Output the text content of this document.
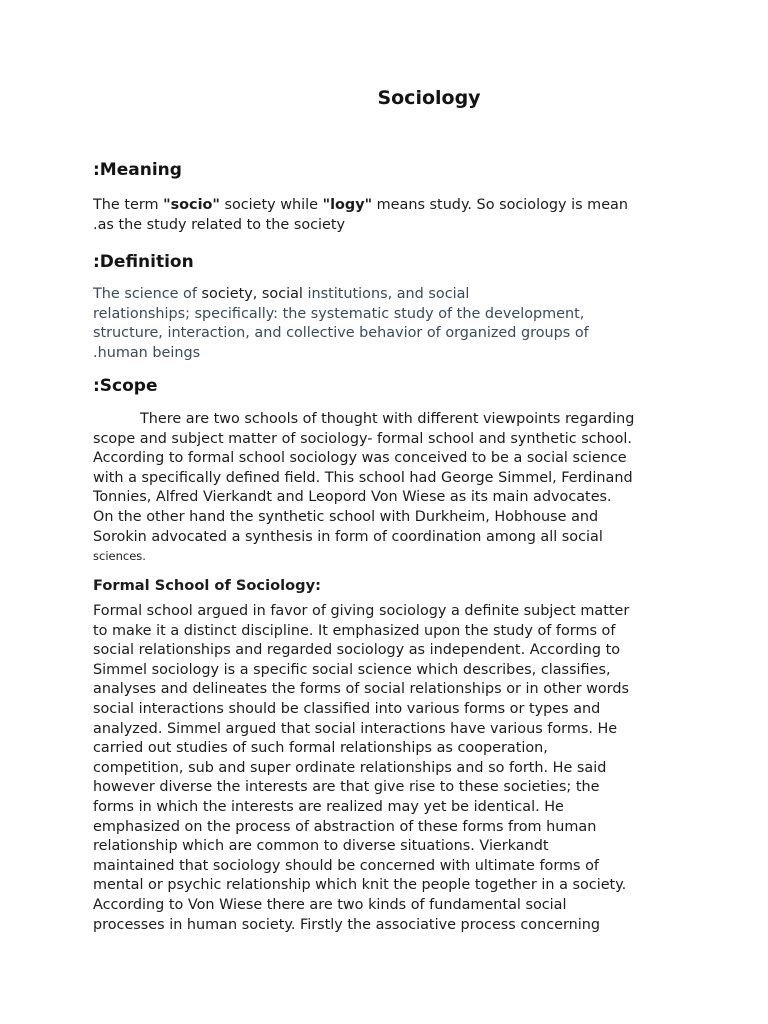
Sociology
:Meaning
The term "socio" society while "logy" means study. So sociology is mean
.as the study related to the society
:Definition
The science of society, social institutions, and social
relationships; specifically: the systematic study of the development,
structure, interaction, and collective behavior of organized groups of
.human beings
:Scope
There are two schools of thought with different viewpoints regarding
scope and subject matter of sociology- formal school and synthetic school.
According to formal school sociology was conceived to be a social science
with a specifically defined field. This school had George Simmel, Ferdinand
Tonnies, Alfred Vierkandt and Leopord Von Wiese as its main advocates.
On the other hand the synthetic school with Durkheim, Hobhouse and
Sorokin advocated a synthesis in form of coordination among all social
sciences.
Formal School of Sociology:
Formal school argued in favor of giving sociology a definite subject matter
to make it a distinct discipline. It emphasized upon the study of forms of
social relationships and regarded sociology as independent. According to
Simmel sociology is a specific social science which describes, classifies,
analyses and delineates the forms of social relationships or in other words
social interactions should be classified into various forms or types and
analyzed. Simmel argued that social interactions have various forms. He
carried out studies of such formal relationships as cooperation,
competition, sub and super ordinate relationships and so forth. He said
however diverse the interests are that give rise to these societies; the
forms in which the interests are realized may yet be identical. He
emphasized on the process of abstraction of these forms from human
relationship which are common to diverse situations. Vierkandt
maintained that sociology should be concerned with ultimate forms of
mental or psychic relationship which knit the people together in a society.
According to Von Wiese there are two kinds of fundamental social
processes in human society. Firstly the associative process concerning
